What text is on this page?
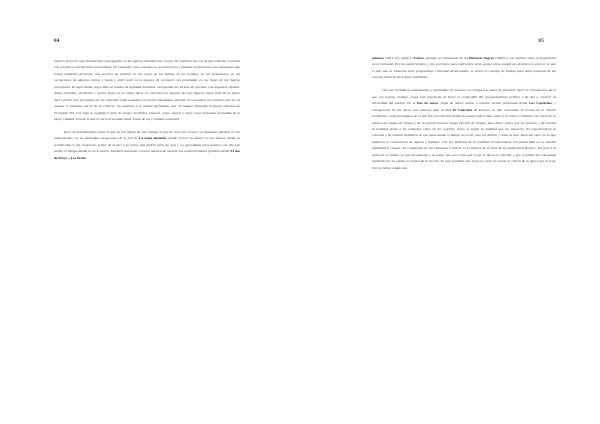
84

nuestro proyecto una iluminación caravaggista en las figuras situadas tras Carlos IV, mientras que las demás estarían resueltas con arreglo a concepciones naturalistas. En cualquier caso el asunto es un muestrario y plantea resoluciones, una amalgama que tratan sabiduría pictórica, una muestra de texturas en los rasos, en los tejidos, en los tocados, en los ornamentos, en las carnaciones de algunos rostros y hasta y sobre todo en la manera de reconocer las pinceladas en los trajes de las figuras principales. Es aquí donde Goya dota al cuadro de agilidad luminosa, excluyendo las formas de ejecutar, con impastos rápidos, sutiles barridos, elementos y gestos. Parte de su mejor hacer se concentra en algunas de esas figuras, sobre todo de su mejor hacer pintor. Los personajes de los extremos están tratados con menos intensidad, además, al encuadrar los nombres por ser al otorgar a contratar que la de su entorno. No sabemos si se estaba perfilando, una sin imágen biografía la figura siniestra de Fernando VII. Con todo su magnífico reino de azules, amarillos, blancos, rosas, negros y rojos crean armonías renovadas de lo mejor calidad. Una de lo que en otra sería nada vacía. Llena de luz y sonidos musicales.

Para un entendimiento sobre lo que no era objeto de este trabajo lo que de crear fue conocer su apoteósis plástica en sus autorretratos, en las delicadas carnaciones de la piel de La maja desnuda, donde recorre la sangre en sus manos, donde la sentimental en las creaciones sutiles de la piel a su mirar, una delicia para los ojos y un aprendizaje para quienes con ella por perder el tiempo dando lo no lo hacen. También maestosa y mucha manera de mostrar los acontecimientos políticos desde El dos de Mayo o Los fusila-

85

mientos (1814-15), hasta el Coloso, perlado ya claramente de las Pinturas Negras (1820), o sus cuadros sobre la Inquisición en el Carnaval. Por sus autorretratos, y con un mismo para suficientes serán gestos cómo mundo sus distintos en estos se ve que el país que su situación entre progresistas y libertad afrancesados, se ofrece el Consejo de Estado para dejar memoria de las escenas heroicas del pueblo madrileño.

Una vez recibida la autorización, y aprobados los bocetos, se entrega a la labor de pintarlos. Pero en retrospectiva de lo que eso traería consigo, Goya está queriendo al inicio el compendio del arrepentimiento político y de dar a conocer la heroicidad del pueblo. En el Dos de mayo, Goya de nuevo vuelve a nuestra revista preparada desde Los Caprichos, y consiguieron de las obras, que interesa aquí la idea El Guernica de Picasso, se han convertido en iconos de la cultura occidental, como paradigma de lo que fue una rebelión desde las masas enfurecidas sobre a la calle a combatir con cierto de su rabia a los tropas de choque y de su ejército invasor. Diego efectivo de choque, para hacer volver que los mismos, y de eventos la multitud desde a los soldados, como de los muertos, como se sentía la multitud que los masacres. El expresionismo se concreta y de manera definitiva en esa masa donde el dibujo no es tal, sino los deseos y cómo se dan. Para mis ojos, no lo que pudieron se convirtieron de agonía y dejadas. Con sus bullicios de la multitud revolucionaria con plasticidad en su tensión habilidad el choque. La conjunción de los elementos a buscar es la pintura de lo visto de la justificativa dentro y luz pese a la lucha en el cuadro. Lo que permanente y un humo, que no es otro que el que se da en el colorido, y que el pueblo sin ella queda mutilado por un espejo en manos de la muerte. Es muy probable que Goya no viese la escena ni visiera de la época que lo leyó. Por no haber estado ahí.
